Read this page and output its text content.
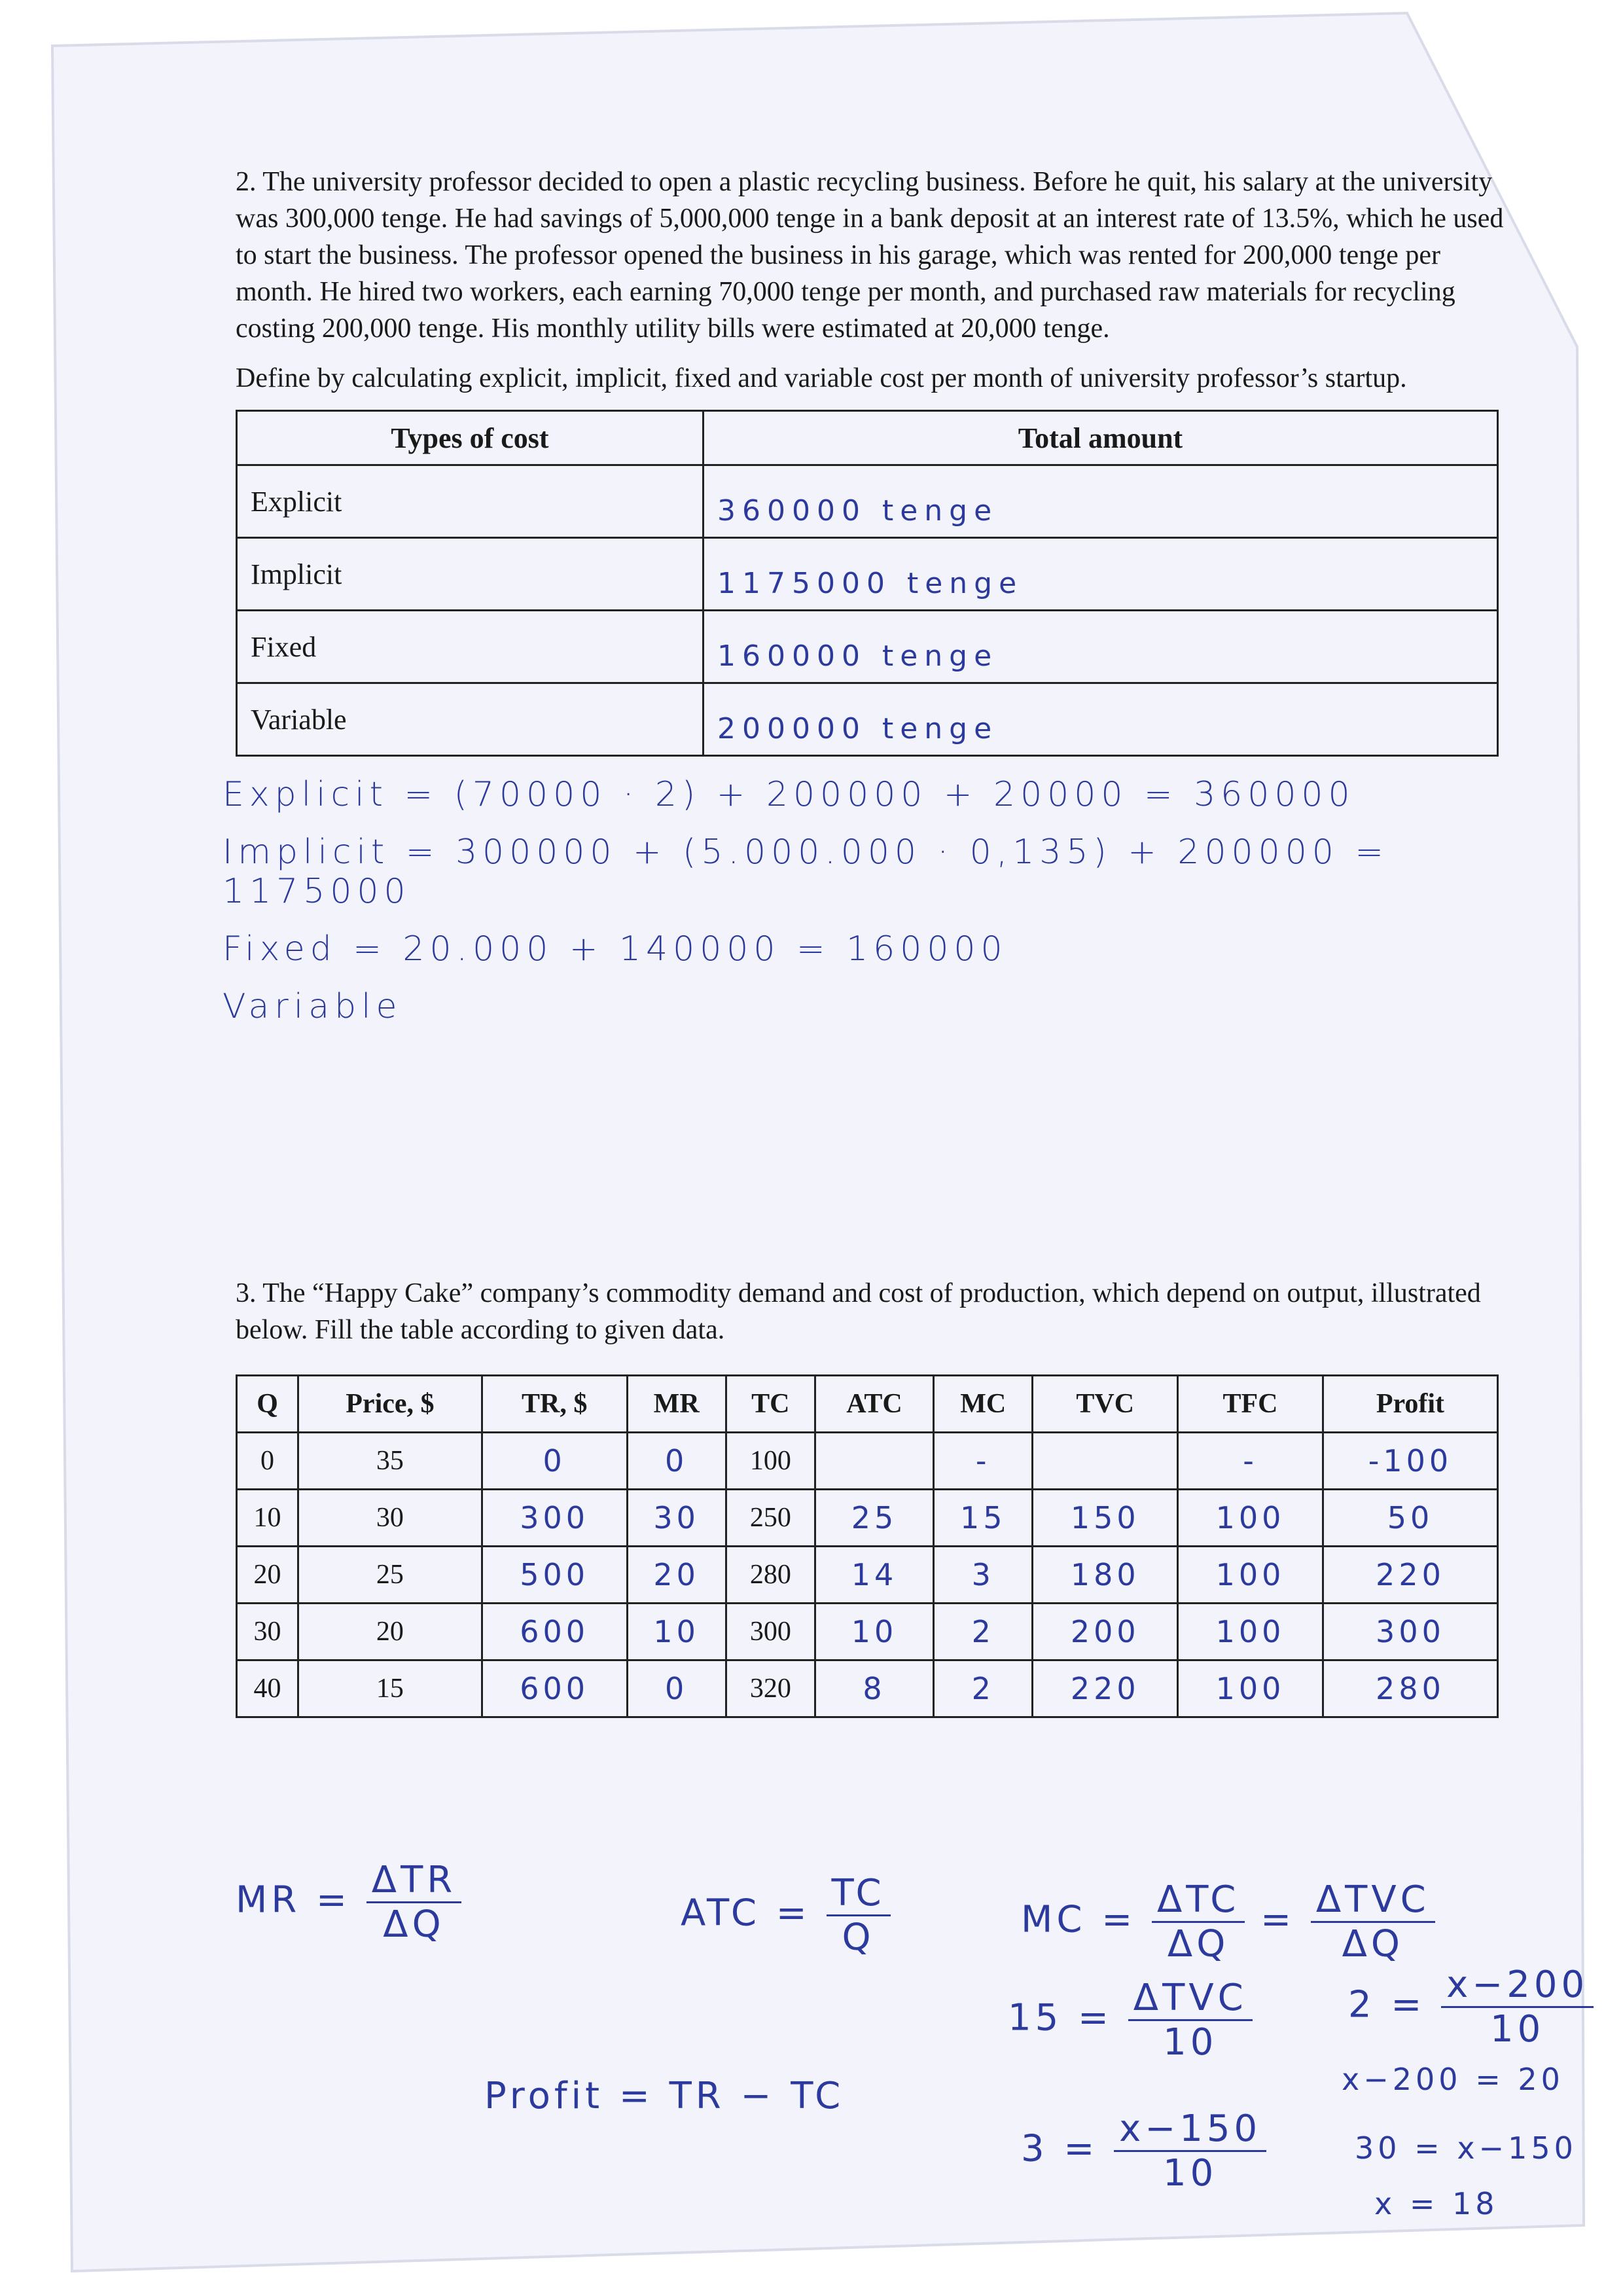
2. The university professor decided to open a plastic recycling business. Before he quit, his salary at the university was 300,000 tenge. He had savings of 5,000,000 tenge in a bank deposit at an interest rate of 13.5%, which he used to start the business. The professor opened the business in his garage, which was rented for 200,000 tenge per month. He hired two workers, each earning 70,000 tenge per month, and purchased raw materials for recycling costing 200,000 tenge. His monthly utility bills were estimated at 20,000 tenge.

Define by calculating explicit, implicit, fixed and variable cost per month of university professor’s startup.

Types of cost	Total amount
Explicit	360000 tenge
Implicit	1175000 tenge
Fixed	160000 tenge
Variable	200000 tenge
Explicit = (70000 · 2) + 200000 + 20000 = 360000
Implicit = 300000 + (5.000.000 · 0,135) + 200000 = 1175000
Fixed = 20.000 + 140000 = 160000
Variable

3. The “Happy Cake” company’s commodity demand and cost of production, which depend on output, illustrated below. Fill the table according to given data.

Q	Price, $	TR, $	MR	TC	ATC	MC	TVC	TFC	Profit
0	35	0	0	100		-		-	-100
10	30	300	30	250	25	15	150	100	50
20	25	500	20	280	14	3	180	100	220
30	20	600	10	300	10	2	200	100	300
40	15	600	0	320	8	2	220	100	280
MR = $\frac{\text{ΔTR}}{\Delta Q}$	ATC = $\frac{TC}{Q}$	MC = $\frac{\text{ΔTC}}{\Delta Q} = \frac{\text{ΔTVC}}{\Delta Q}$
$15 = \frac{\text{ΔTVC}}{10}$	$2 = \frac{x-200}{10}$
x−200 = 20
Profit = TR − TC
$3 = \frac{x-150}{10}$	30 = x−150
x = 18
